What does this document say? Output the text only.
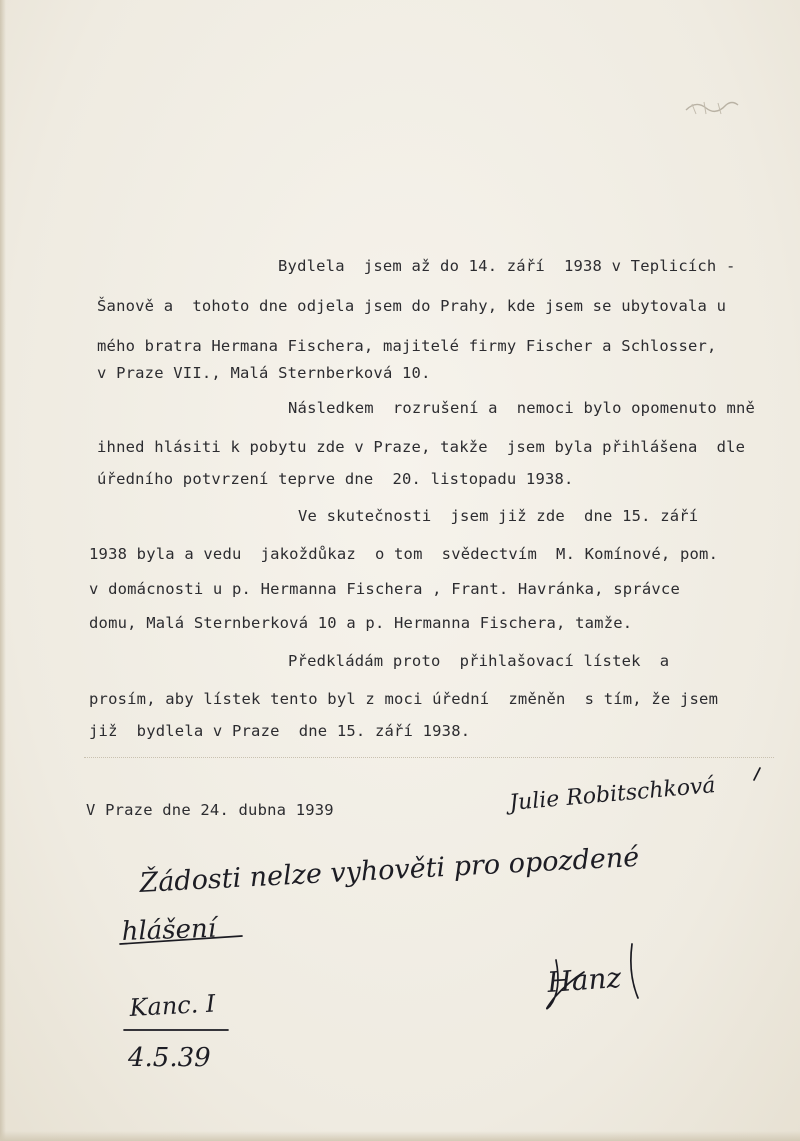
Bydlela  jsem až do 14. září  1938 v Teplicích -
Šanově a  tohoto dne odjela jsem do Prahy, kde jsem se ubytovala u
mého bratra Hermana Fischera, majitelé firmy Fischer a Schlosser,
v Praze VII., Malá Sternberková 10.
Následkem  rozrušení a  nemoci bylo opomenuto mně
ihned hlásiti k pobytu zde v Praze, takže  jsem byla přihlášena  dle
úředního potvrzení teprve dne  20. listopadu 1938.
Ve skutečnosti  jsem již zde  dne 15. září
1938 byla a vedu  jakoždůkaz  o tom  svědectvím  M. Komínové, pom.
v domácnosti u p. Hermanna Fischera , Frant. Havránka, správce
domu, Malá Sternberková 10 a p. Hermanna Fischera, tamže.
Předkládám proto  přihlašovací lístek  a
prosím, aby lístek tento byl z moci úřední  změněn  s tím, že jsem
již  bydlela v Praze  dne 15. září 1938.
V Praze dne 24. dubna 1939	Julie Robitschková
Žádosti nelze vyhověti pro opozdené
hlášení
Hanz
Kanc. I
4.5.39
